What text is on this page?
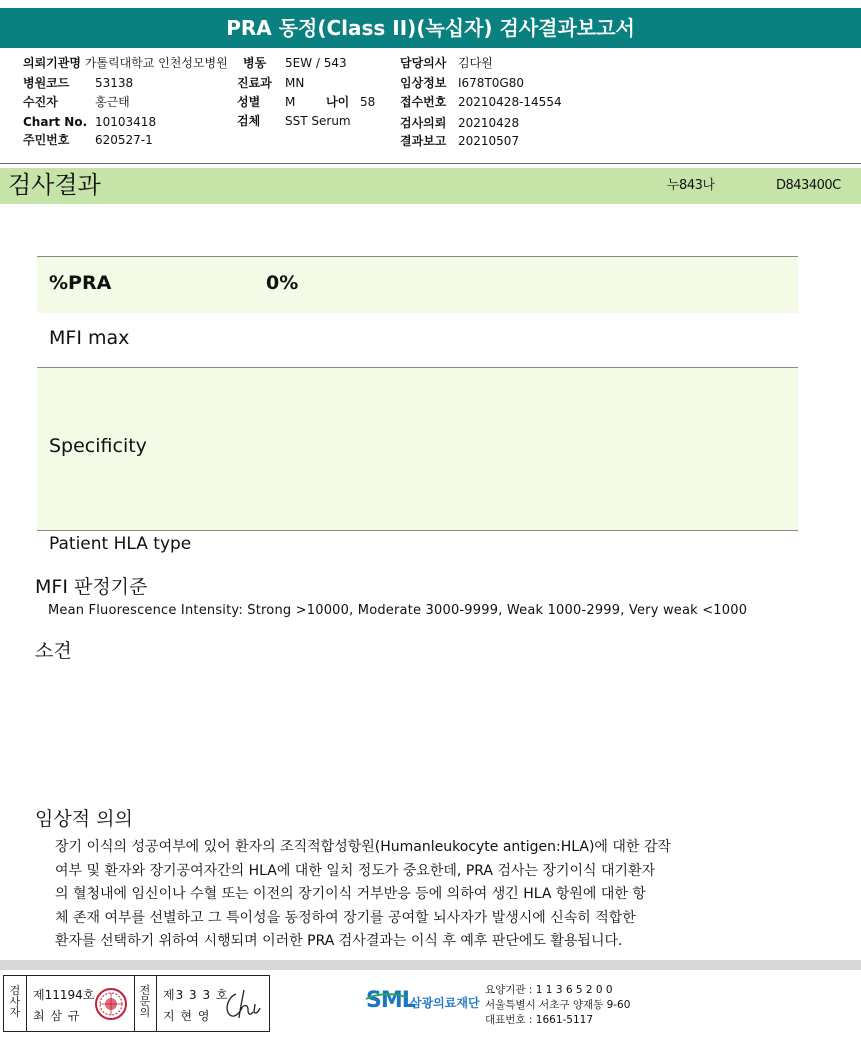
PRA 동정(Class II)(녹십자) 검사결과보고서
의뢰기관명 가톨릭대학교 인천성모병원
병원코드 53138
수진자	홍근태
Chart No. 10103418
주민번호 620527-1
병동 5EW / 543
진료과 MN
성별 M	나이 58
검체 SST Serum
담당의사 김다원
임상정보 I678T0G80
접수번호 20210428-14554
검사의뢰 20210428
결과보고 20210507
검사결과	누843나	D843400C
%PRA	0%
MFI max
Specificity
Patient HLA type
MFI 판정기준
Mean Fluorescence Intensity: Strong >10000, Moderate 3000-9999, Weak 1000-2999, Very weak <1000
소견
임상적 의의
장기 이식의 성공여부에 있어 환자의 조직적합성항원(Humanleukocyte antigen:HLA)에 대한 감작
여부 및 환자와 장기공여자간의 HLA에 대한 일치 정도가 중요한데, PRA 검사는 장기이식 대기환자
의 혈청내에 임신이나 수혈 또는 이전의 장기이식 거부반응 등에 의하여 생긴 HLA 항원에 대한 항
체 존재 여부를 선별하고 그 특이성을 동정하여 장기를 공여할 뇌사자가 발생시에 신속히 적합한
환자를 선택하기 위하여 시행되며 이러한 PRA 검사결과는 이식 후 예후 판단에도 활용됩니다.
검
사
자
제11194호
최 삼 규
전
문
의
제3 3 3 호
지 현 영
SML
삼광의료재단
요양기관 : 1 1 3 6 5 2 0 0
서울특별시 서초구 양재동 9-60
대표번호 : 1661-5117
